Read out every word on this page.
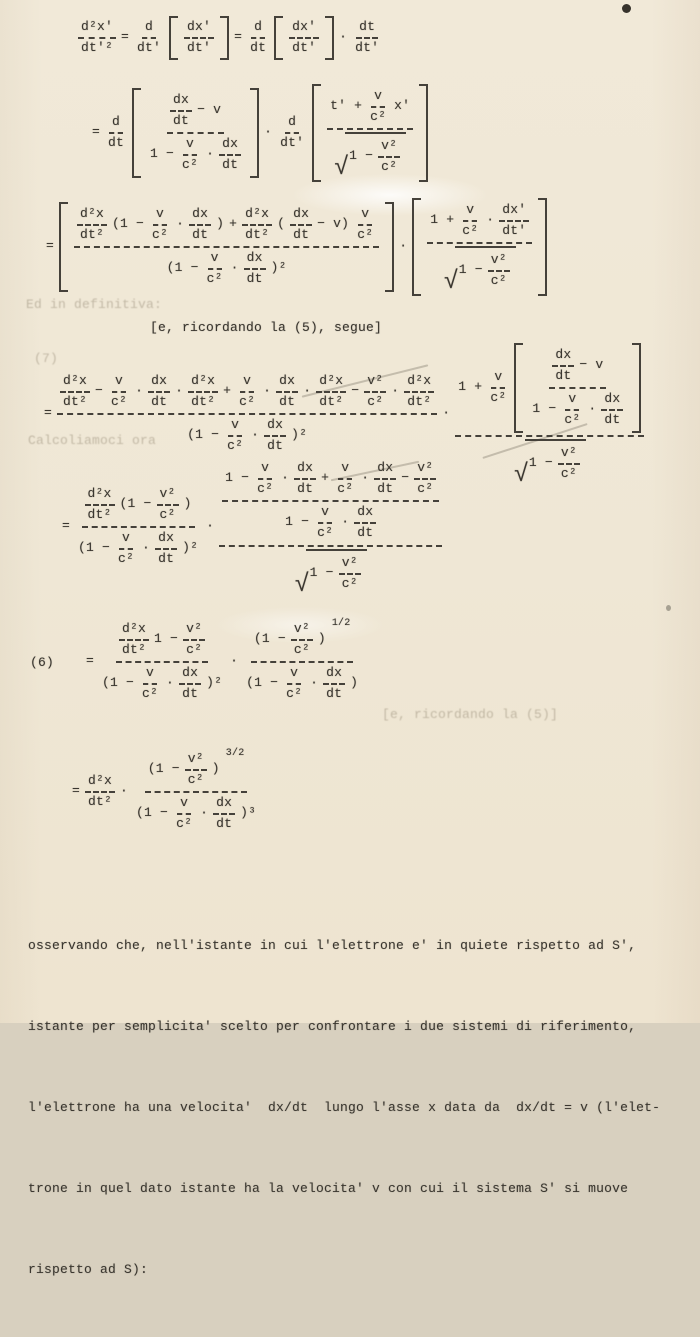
Ed in definitiva:
(7)
Calcoliamoci ora
[e, ricordando la (5)]
$\frac{\text{d²x'}}{\text{dt'²}} = \frac{d}{dt'} \frac{dx'}{dt'} = \frac{d}{dt} \frac{dx'}{dt'} \cdot \frac{dt}{dt'}$
= $\frac{d}{dt}$
$\frac{dx}{dt} - v$
$1 - \frac{v}{\text{c²}} \cdot \frac{dx}{dt}$
· $\frac{d}{dt'} \frac{t' + \frac{v}{\text{c²}} x'}{√ 1 - \frac{\text{v²}}{\text{c²}}}$
=
$\frac{\text{d²x}}{\text{dt²}} (1 - \frac{v}{\text{c²}} \cdot \frac{dx}{dt}$ ) + $\frac{\text{d²x}}{\text{dt²}}$ ( $\frac{dx}{dt} - v) \frac{v}{\text{c²}}$
$(1 - \frac{v}{\text{c²}} \cdot \frac{dx}{dt} )^2$
· $\frac{1 + \frac{v}{\text{c²}} \cdot \frac{dx'}{dt'}}{√ 1 - \frac{\text{v²}}{\text{c²}}}$
[e, ricordando la (5), segue]
=
$\frac{\text{d²x}}{\text{dt²}} - \frac{v}{\text{c²}} \cdot \frac{dx}{dt} \cdot \frac{\text{d²x}}{\text{dt²}} + \frac{v}{\text{c²}} \cdot \frac{dx}{dt} \cdot \frac{\text{d²x}}{\text{dt²}} - \frac{\text{v²}}{\text{c²}} \cdot \frac{\text{d²x}}{\text{dt²}}$
$(1 - \frac{v}{\text{c²}} \cdot \frac{dx}{dt} )^2$
·
$1 + \frac{v}{\text{c²}}$
$\frac{dx}{dt} - v$
$1 - \frac{v}{\text{c²}} \cdot \frac{dx}{dt}$
√ $1 - \frac{\text{v²}}{\text{c²}}$
=
$\frac{\text{d²x}}{\text{dt²}} (1 - \frac{\text{v²}}{\text{c²}}$ )
$(1 - \frac{v}{\text{c²}} \cdot \frac{dx}{dt} )^2$
·
$1 - \frac{v}{\text{c²}} \cdot \frac{dx}{dt} + \frac{v}{\text{c²}} \cdot \frac{dx}{dt} - \frac{\text{v²}}{\text{c²}}$
$1 - \frac{v}{\text{c²}} \cdot \frac{dx}{dt}$
√ $1 - \frac{\text{v²}}{\text{c²}}$
(6) =
$\frac{\text{d²x}}{\text{dt²}} 1 - \frac{\text{v²}}{\text{c²}}$
$(1 - \frac{v}{\text{c²}} \cdot \frac{dx}{dt} )^2$
·
($1 - \frac{\text{v²}}{\text{c²}}$ )
1/2
($1 - \frac{v}{\text{c²}} \cdot \frac{dx}{dt}$ )
= $\frac{\text{d²x}}{\text{dt²}}$ ·
($1 - \frac{\text{v²}}{\text{c²}}$ )
3/2
$(1 - \frac{v}{\text{c²}} \cdot \frac{dx}{dt} )^3$

osservando che, nell'istante in cui l'elettrone e' in quiete rispetto ad S',

istante per semplicita' scelto per confrontare i due sistemi di riferimento,

l'elettrone ha una velocita'  dx/dt  lungo l'asse x data da  dx/dt = v (l'elet-

trone in quel dato istante ha la velocita' v con cui il sistema S' si muove

rispetto ad S):
